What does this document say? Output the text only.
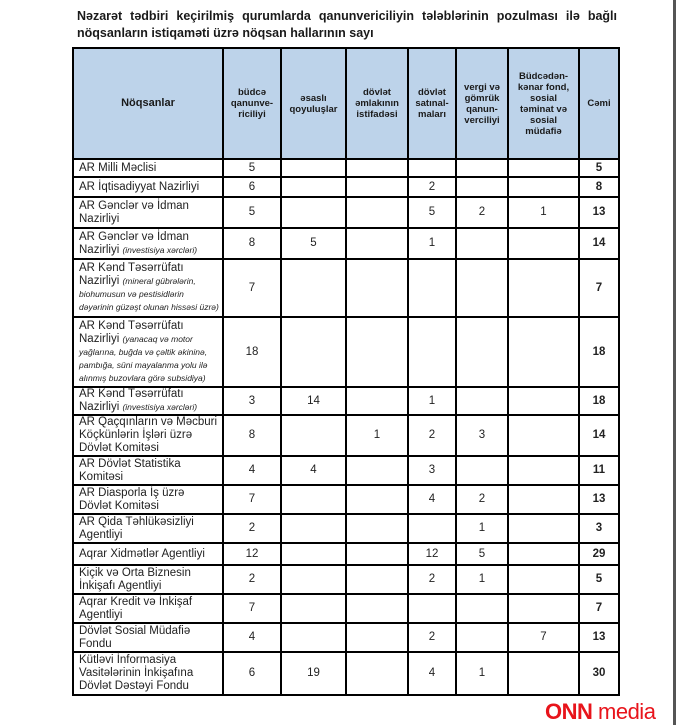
Nəzarət tədbiri keçirilmiş qurumlarda qanunvericiliyin tələblərinin pozulması ilə bağlı nöqsanların istiqaməti üzrə nöqsan hallarının sayı
Nöqsanlar	büdcə qanunve-riciliyi	əsaslı qoyuluşlar	dövlət əmlakının istifadəsi	dövlət satınal-maları	vergi və gömrük qanun-verciliyi	Büdcədən-kənar fond, sosial təminat və sosial müdafiə	Cəmi
AR Milli Məclisi	5						5
AR İqtisadiyyat Nazirliyi	6			2			8
AR Gənclər və İdman Nazirliyi	5			5	2	1	13
AR Gənclər və İdman Nazirliyi (investisiya xərcləri)	8	5		1			14
AR Kənd Təsərrüfatı Nazirliyi (mineral gübrələrin, biohumusun və pestisidlərin dəyərinin güzəşt olunan hissəsi üzrə)	7						7
AR Kənd Təsərrüfatı Nazirliyi (yanacaq və motor yağlarına, buğda və çəltik əkininə, pambığa, süni mayalanma yolu ilə alınmış buzovlara görə subsidiya)	18						18
AR Kənd Təsərrüfatı Nazirliyi (investisiya xərcləri)	3	14		1			18
AR Qaçqınların və Məcburi Köçkünlərin İşləri üzrə Dövlət Komitəsi	8		1	2	3		14
AR Dövlət Statistika Komitəsi	4	4		3			11
AR Diasporla İş üzrə Dövlət Komitəsi	7			4	2		13
AR Qida Təhlükəsizliyi Agentliyi	2				1		3
Aqrar Xidmətlər Agentliyi	12			12	5		29
Kiçik və Orta Biznesin İnkişafı Agentliyi	2			2	1		5
Aqrar Kredit və İnkişaf Agentliyi	7						7
Dövlət Sosial Müdafiə Fondu	4			2		7	13
Kütləvi İnformasiya Vasitələrinin İnkişafına Dövlət Dəstəyi Fondu	6	19		4	1		30
ONN media
